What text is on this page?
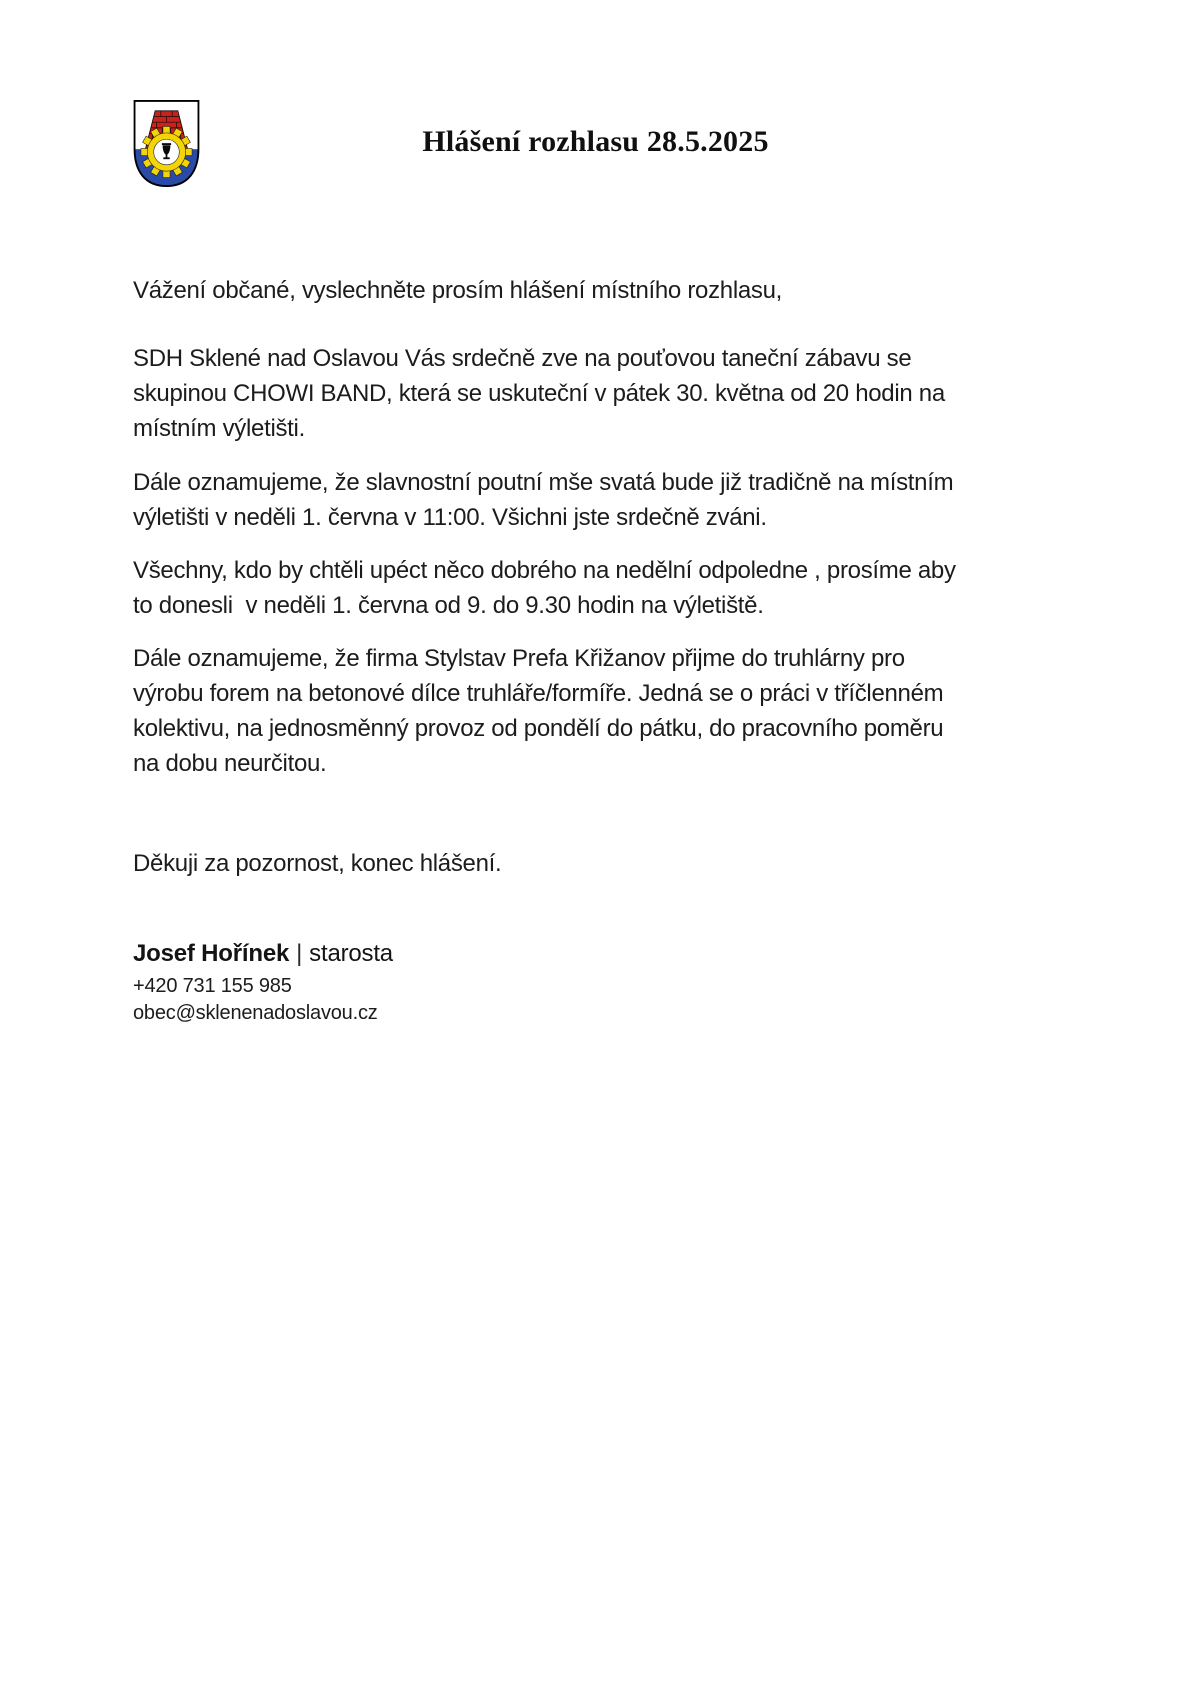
Hlášení rozhlasu 28.5.2025

Vážení občané, vyslechněte prosím hlášení místního rozhlasu,

SDH Sklené nad Oslavou Vás srdečně zve na pouťovou taneční zábavu se
skupinou CHOWI BAND, která se uskuteční v pátek 30. května od 20 hodin na
místním výletišti.

Dále oznamujeme, že slavnostní poutní mše svatá bude již tradičně na místním
výletišti v neděli 1. června v 11:00. Všichni jste srdečně zváni.

Všechny, kdo by chtěli upéct něco dobrého na nedělní odpoledne , prosíme aby
to donesli  v neděli 1. června od 9. do 9.30 hodin na výletiště.

Dále oznamujeme, že firma Stylstav Prefa Křižanov přijme do truhlárny pro
výrobu forem na betonové dílce truhláře/formíře. Jedná se o práci v tříčlenném
kolektivu, na jednosměnný provoz od pondělí do pátku, do pracovního poměru
na dobu neurčitou.

Děkuji za pozornost, konec hlášení.

Josef Hořínek | starosta
+420 731 155 985
obec@sklenenadoslavou.cz
